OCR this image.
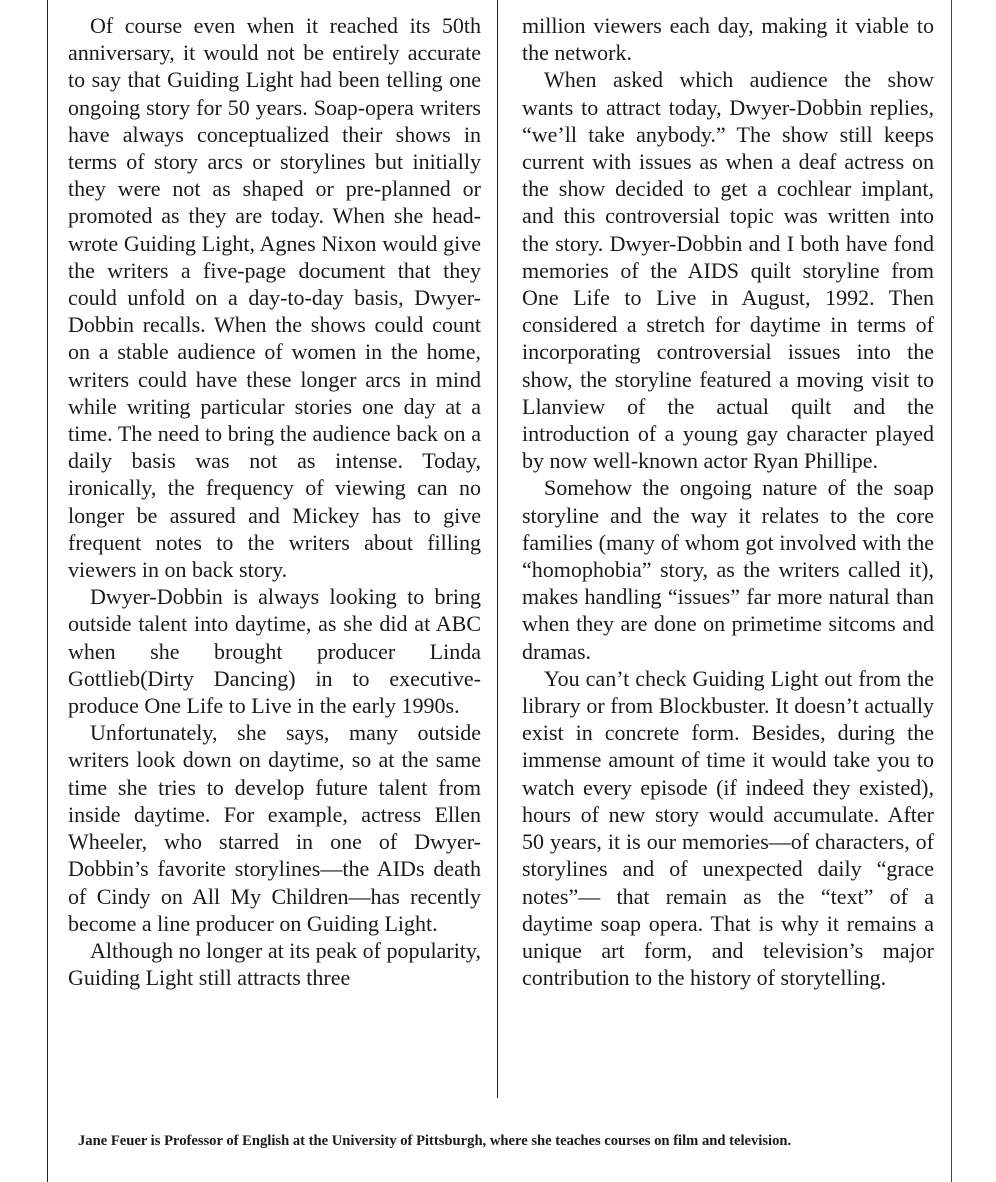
Of course even when it reached its 50th anniversary, it would not be entirely accurate to say that Guiding Light had been telling one ongoing story for 50 years. Soap-opera writers have always conceptualized their shows in terms of story arcs or storylines but initially they were not as shaped or pre-planned or promoted as they are today. When she head-wrote Guiding Light, Agnes Nixon would give the writers a five-page document that they could unfold on a day-to-day basis, Dwyer-Dobbin recalls. When the shows could count on a stable audience of women in the home, writers could have these longer arcs in mind while writing particular stories one day at a time. The need to bring the audience back on a daily basis was not as intense. Today, ironically, the frequency of viewing can no longer be assured and Mickey has to give frequent notes to the writers about filling viewers in on back story.

Dwyer-Dobbin is always looking to bring outside talent into daytime, as she did at ABC when she brought producer Linda Gottlieb(Dirty Dancing) in to executive-produce One Life to Live in the early 1990s.

Unfortunately, she says, many outside writers look down on daytime, so at the same time she tries to develop future talent from inside daytime. For example, actress Ellen Wheeler, who starred in one of Dwyer-Dobbin’s favorite storylines—the AIDs death of Cindy on All My Children—has recently become a line producer on Guiding Light.

Although no longer at its peak of popularity, Guiding Light still attracts three

million viewers each day, making it viable to the network.

When asked which audience the show wants to attract today, Dwyer-Dobbin replies, “we’ll take anybody.” The show still keeps current with issues as when a deaf actress on the show decided to get a cochlear implant, and this controversial topic was written into the story. Dwyer-Dobbin and I both have fond memories of the AIDS quilt storyline from One Life to Live in August, 1992. Then considered a stretch for daytime in terms of incorporating controversial issues into the show, the storyline featured a moving visit to Llanview of the actual quilt and the introduction of a young gay character played by now well-known actor Ryan Phillipe.

Somehow the ongoing nature of the soap storyline and the way it relates to the core families (many of whom got involved with the “homophobia” story, as the writers called it), makes handling “issues” far more natural than when they are done on primetime sitcoms and dramas.

You can’t check Guiding Light out from the library or from Blockbuster. It doesn’t actually exist in concrete form. Besides, during the immense amount of time it would take you to watch every episode (if indeed they existed), hours of new story would accumulate. After 50 years, it is our memories—of characters, of storylines and of unexpected daily “grace notes”— that remain as the “text” of a daytime soap opera. That is why it remains a unique art form, and television’s major contribution to the history of storytelling.

Jane Feuer is Professor of English at the University of Pittsburgh, where she teaches courses on film and television.
